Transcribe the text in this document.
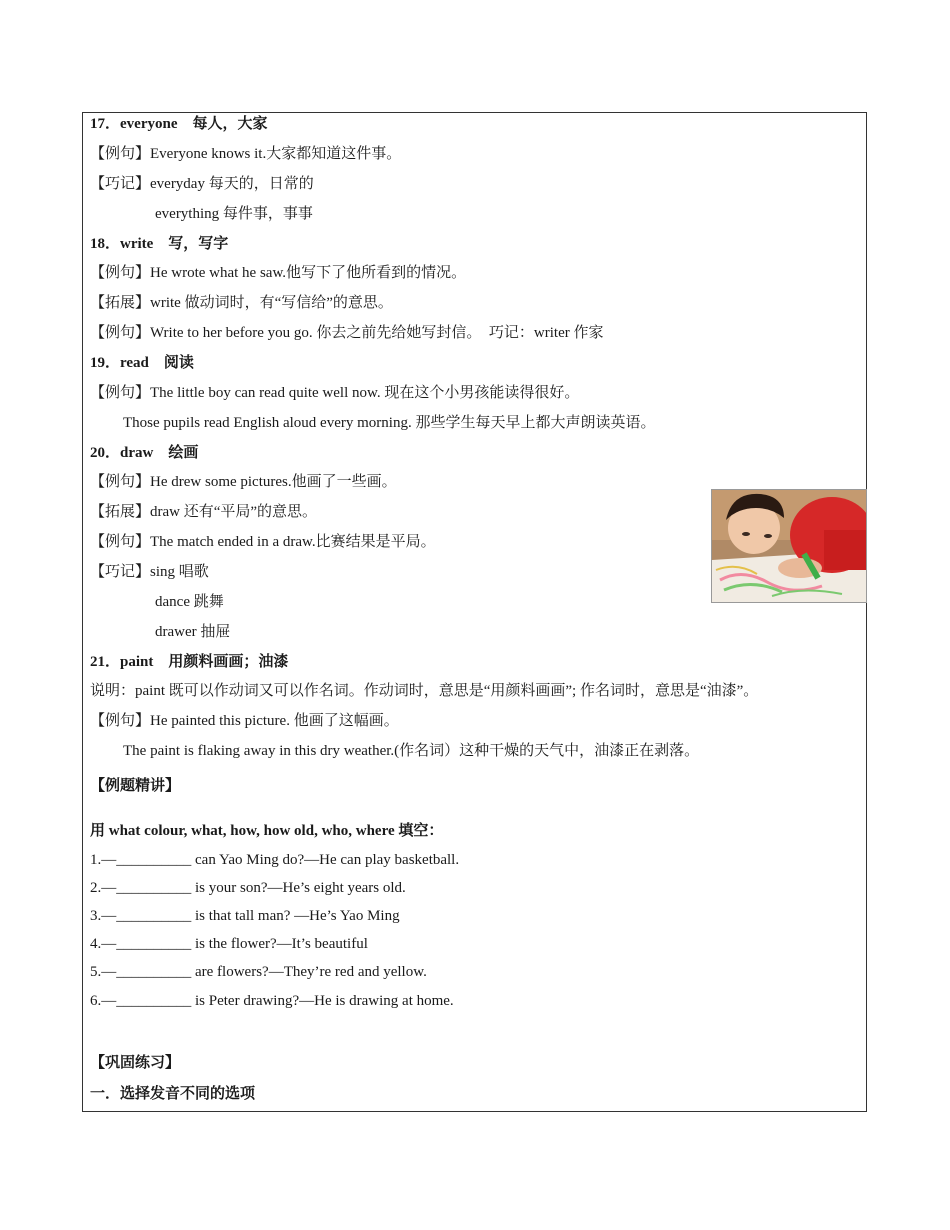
17．everyone　每人，大家
【例句】Everyone knows it.大家都知道这件事。
【巧记】everyday 每天的，日常的
everything 每件事，事事
18．write　写，写字
【例句】He wrote what he saw.他写下了他所看到的情况。
【拓展】write 做动词时，有“写信给”的意思。
【例句】Write to her before you go. 你去之前先给她写封信。　巧记：writer 作家
19．read　阅读
【例句】The little boy can read quite well now. 现在这个小男孩能读得很好。
Those pupils read English aloud every morning. 那些学生每天早上都大声朗读英语。
20．draw　绘画
【例句】He drew some pictures.他画了一些画。
【拓展】draw 还有“平局”的意思。
【例句】The match ended in a draw.比赛结果是平局。
【巧记】sing 唱歌
dance 跳舞
drawer 抽屉
21．paint　用颜料画画；油漆
说明：paint 既可以作动词又可以作名词。作动词时，意思是“用颜料画画”; 作名词时，意思是“油漆”。
【例句】He painted this picture. 他画了这幅画。
The paint is flaking away in this dry weather.(作名词）这种干燥的天气中，油漆正在剥落。
【例题精讲】
用 what colour, what, how, how old, who, where 填空：
1.—__________ can Yao Ming do?—He can play basketball.
2.—__________ is your son?—He’s eight years old.
3.—__________ is that tall man? —He’s Yao Ming
4.—__________ is the flower?—It’s beautiful
5.—__________ are flowers?—They’re red and yellow.
6.—__________ is Peter drawing?—He is drawing at home.
【巩固练习】
一．选择发音不同的选项
